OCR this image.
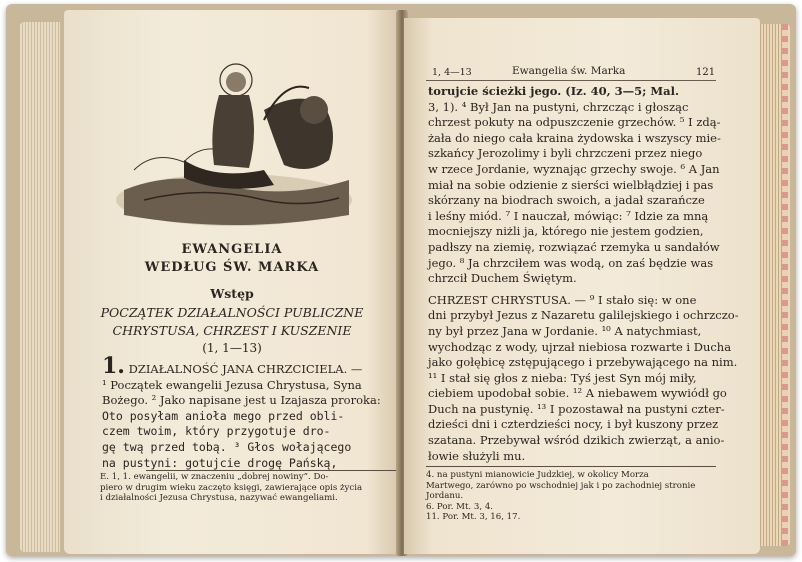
EWANGELIA
WEDŁUG ŚW. MARKA
Wstęp
POCZĄTEK DZIAŁALNOŚCI PUBLICZNE
CHRYSTUSA, CHRZEST I KUSZENIE
(1, 1—13)
1. DZIAŁALNOŚĆ JANA CHRZCICIELA. —
¹ Początek ewangelii Jezusa Chrystusa, Syna
Bożego. ² Jako napisane jest u Izajasza proroka:
Oto posyłam anioła mego przed obli-
czem twoim, który przygotuje dro-
gę twą przed tobą. ³ Głos wołającego
na pustyni: gotujcie drogę Pańską,
E. 1, 1. ewangelii, w znaczeniu „dobrej nowiny”. Do-
piero w drugim wieku zaczęto księgi, zawierające opis życia
i działalności Jezusa Chrystusa, nazywać ewangeliami.
1, 4—13	Ewangelia św. Marka	121
torujcie ścieżki jego. (Iz. 40, 3—5; Mal.
3, 1). ⁴ Był Jan na pustyni, chrzcząc i głosząc
chrzest pokuty na odpuszczenie grzechów. ⁵ I zdą-
żała do niego cała kraina żydowska i wszyscy mie-
szkańcy Jerozolimy i byli chrzczeni przez niego
w rzece Jordanie, wyznając grzechy swoje. ⁶ A Jan
miał na sobie odzienie z sierści wielbłądziej i pas
skórzany na biodrach swoich, a jadał szarańcze
i leśny miód. ⁷ I nauczał, mówiąc: ⁷ Idzie za mną
mocniejszy niżli ja, którego nie jestem godzien,
padłszy na ziemię, rozwiązać rzemyka u sandałów
jego. ⁸ Ja chrzciłem was wodą, on zaś będzie was
chrzcił Duchem Świętym.
CHRZEST CHRYSTUSA. — ⁹ I stało się: w one
dni przybył Jezus z Nazaretu galilejskiego i ochrzczo-
ny był przez Jana w Jordanie. ¹⁰ A natychmiast,
wychodząc z wody, ujrzał niebiosa rozwarte i Ducha
jako gołębicę zstępującego i przebywającego na nim.
¹¹ I stał się głos z nieba: Tyś jest Syn mój miły,
ciebiem upodobał sobie. ¹² A niebawem wywiódł go
Duch na pustynię. ¹³ I pozostawał na pustyni czter-
dzieści dni i czterdzieści nocy, i był kuszony przez
szatana. Przebywał wśród dzikich zwierząt, a anio-
łowie służyli mu.
4. na pustyni mianowicie Judzkiej, w okolicy Morza
Martwego, zarówno po wschodniej jak i po zachodniej stronie
Jordanu.
6. Por. Mt. 3, 4.
11. Por. Mt. 3, 16, 17.
